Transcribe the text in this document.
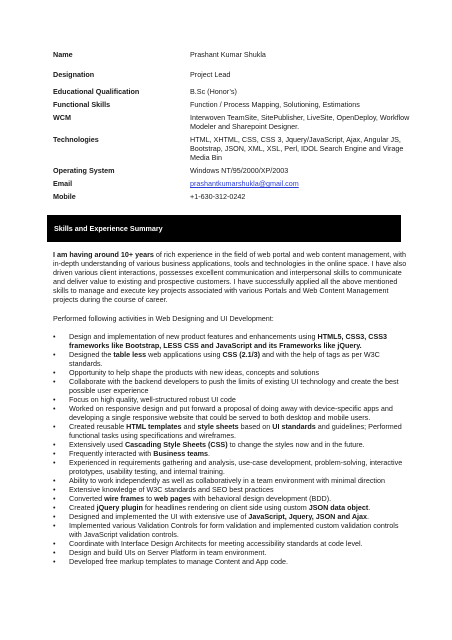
Name	Prashant Kumar Shukla
Designation	Project Lead
Educational Qualification	B.Sc (Honor’s)
Functional Skills	Function / Process Mapping, Solutioning, Estimations
WCM	Interwoven TeamSite, SitePublisher, LiveSite, OpenDeploy, Workflow Modeler and Sharepoint Designer.
Technologies	HTML, XHTML, CSS, CSS 3, Jquery/JavaScript, Ajax, Angular JS, Bootstrap, JSON, XML, XSL, Perl, IDOL Search Engine and Virage Media Bin
Operating System	Windows NT/95/2000/XP/2003
Email	prashantkumarshukla@gmail.com
Mobile	+1-630-312-0242
Skills and Experience Summary
I am having around 10+ years of rich experience in the field of web portal and web content management, with in-depth understanding of various business applications, tools and technologies in the online space. I have also driven various client interactions, possesses excellent communication and interpersonal skills to communicate and deliver value to existing and prospective customers. I have successfully applied all the above mentioned skills to manage and execute key projects associated with various Portals and Web Content Management projects during the course of career.
Performed following activities in Web Designing and UI Development:
• Design and implementation of new product features and enhancements using HTML5, CSS3, CSS3 frameworks like Bootstrap, LESS CSS and JavaScript and its Frameworks like jQuery.
• Designed the table less web applications using CSS (2.1/3) and with the help of tags as per W3C standards.
• Opportunity to help shape the products with new ideas, concepts and solutions
• Collaborate with the backend developers to push the limits of existing UI technology and create the best possible user experience
• Focus on high quality, well-structured robust UI code
• Worked on responsive design and put forward a proposal of doing away with device-specific apps and developing a single responsive website that could be served to both desktop and mobile users.
• Created reusable HTML templates and style sheets based on UI standards and guidelines; Performed functional tasks using specifications and wireframes.
• Extensively used Cascading Style Sheets (CSS) to change the styles now and in the future.
• Frequently interacted with Business teams.
• Experienced in requirements gathering and analysis, use-case development, problem-solving, interactive prototypes, usability testing, and internal training.
• Ability to work independently as well as collaboratively in a team environment with minimal direction
• Extensive knowledge of W3C standards and SEO best practices
• Converted wire frames to web pages with behavioral design development (BDD).
• Created jQuery plugin for headlines rendering on client side using custom JSON data object.
• Designed and implemented the UI with extensive use of JavaScript, Jquery, JSON and Ajax.
• Implemented various Validation Controls for form validation and implemented custom validation controls with JavaScript validation controls.
• Coordinate with Interface Design Architects for meeting accessibility standards at code level.
• Design and build UIs on Server Platform in team environment.
• Developed free markup templates to manage Content and App code.
